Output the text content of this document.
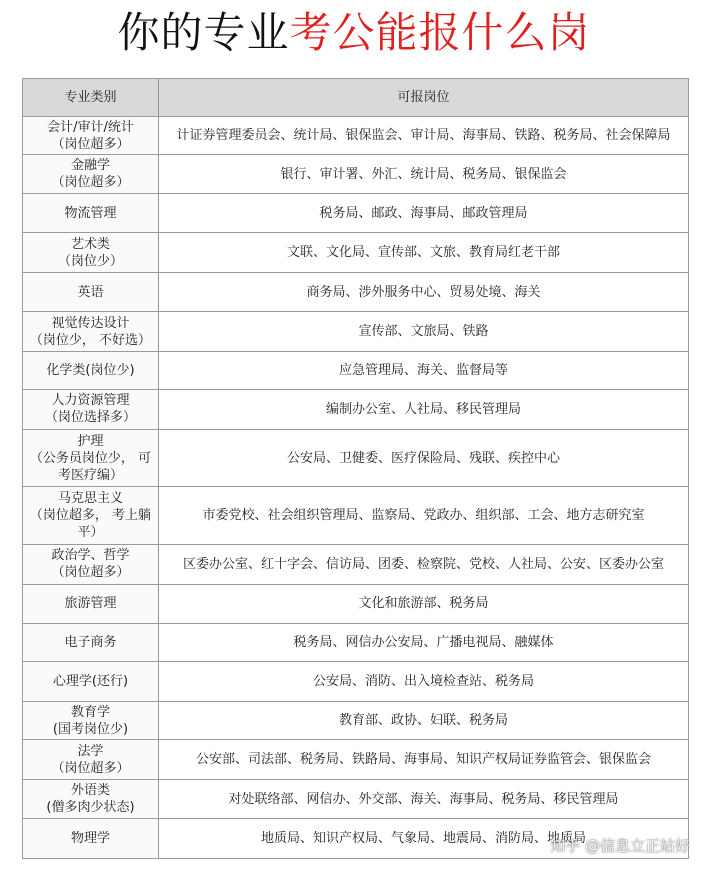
你的专业考公能报什么岗
专业类别	可报岗位
会计/审计/统计
（岗位超多）	计证券管理委员会、统计局、银保监会、审计局、海事局、铁路、税务局、社会保障局
金融学
（岗位超多）	银行、审计署、外汇、统计局、税务局、银保监会
物流管理	税务局、邮政、海事局、邮政管理局
艺术类
（岗位少）	文联、文化局、宣传部、文旅、教育局红老干部
英语	商务局、涉外服务中心、贸易处境、海关
视觉传达设计
（岗位少， 不好选）	宣传部、文旅局、铁路
化学类(岗位少)	应急管理局、海关、监督局等
人力资源管理
（岗位选择多）	编制办公室、人社局、移民管理局
护理
（公务员岗位少， 可
考医疗编）	公安局、卫健委、医疗保险局、残联、疾控中心
马克思主义
（岗位超多， 考上躺
平）	市委党校、社会组织管理局、监察局、党政办、组织部、工会、地方志研究室
政治学、哲学
（岗位超多）	区委办公室、红十字会、信访局、团委、检察院、党校、人社局、公安、区委办公室
旅游管理	文化和旅游部、税务局
电子商务	税务局、网信办公安局、广播电视局、融媒体
心理学(还行)	公安局、消防、出入境检查站、税务局
教育学
(国考岗位少)	教育部、政协、妇联、税务局
法学
（岗位超多）	公安部、司法部、税务局、铁路局、海事局、知识产权局证券监管会、银保监会
外语类
(僧多肉少状态)	对处联络部、网信办、外交部、海关、海事局、税务局、移民管理局
物理学	地质局、知识产权局、气象局、地震局、消防局、地质局
知乎 @信息立正站好
